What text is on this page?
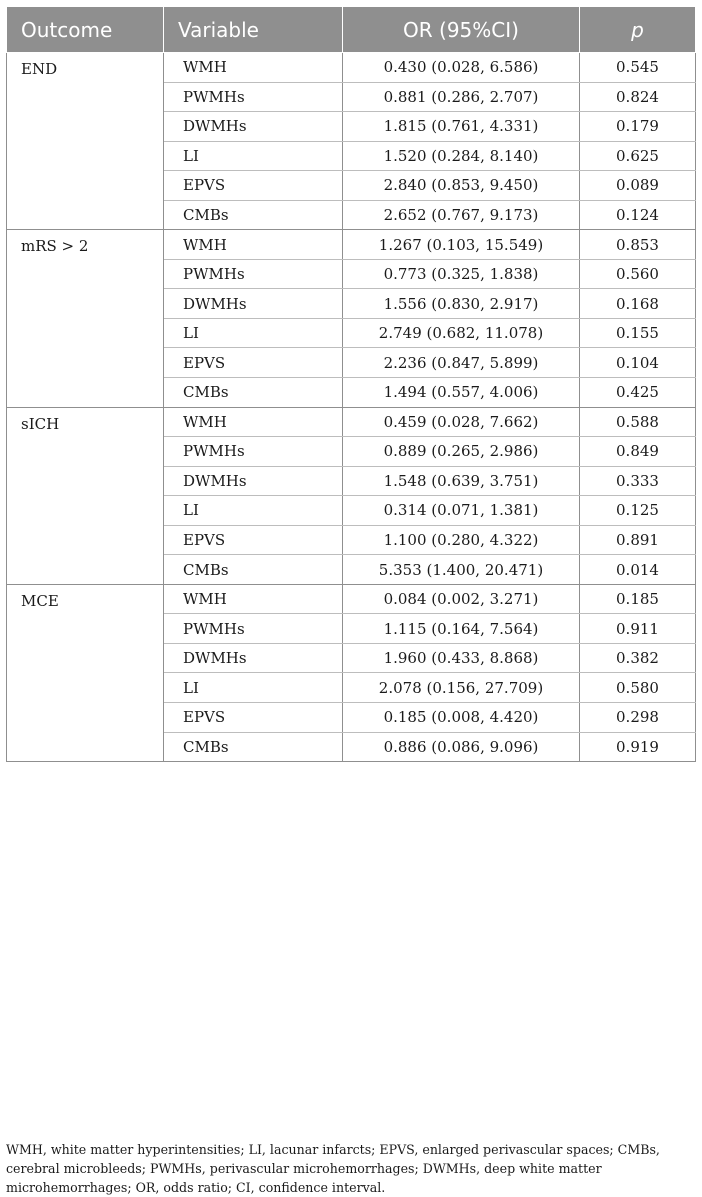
Outcome	Variable	OR (95%CI)	p
END	WMH	0.430 (0.028, 6.586)	0.545
	PWMHs	0.881 (0.286, 2.707)	0.824
	DWMHs	1.815 (0.761, 4.331)	0.179
	LI	1.520 (0.284, 8.140)	0.625
	EPVS	2.840 (0.853, 9.450)	0.089
	CMBs	2.652 (0.767, 9.173)	0.124
mRS > 2	WMH	1.267 (0.103, 15.549)	0.853
	PWMHs	0.773 (0.325, 1.838)	0.560
	DWMHs	1.556 (0.830, 2.917)	0.168
	LI	2.749 (0.682, 11.078)	0.155
	EPVS	2.236 (0.847, 5.899)	0.104
	CMBs	1.494 (0.557, 4.006)	0.425
sICH	WMH	0.459 (0.028, 7.662)	0.588
	PWMHs	0.889 (0.265, 2.986)	0.849
	DWMHs	1.548 (0.639, 3.751)	0.333
	LI	0.314 (0.071, 1.381)	0.125
	EPVS	1.100 (0.280, 4.322)	0.891
	CMBs	5.353 (1.400, 20.471)	0.014
MCE	WMH	0.084 (0.002, 3.271)	0.185
	PWMHs	1.115 (0.164, 7.564)	0.911
	DWMHs	1.960 (0.433, 8.868)	0.382
	LI	2.078 (0.156, 27.709)	0.580
	EPVS	0.185 (0.008, 4.420)	0.298
	CMBs	0.886 (0.086, 9.096)	0.919

WMH, white matter hyperintensities; LI, lacunar infarcts; EPVS, enlarged perivascular spaces; CMBs, cerebral microbleeds; PWMHs, perivascular microhemorrhages; DWMHs, deep white matter microhemorrhages; OR, odds ratio; CI, confidence interval.
